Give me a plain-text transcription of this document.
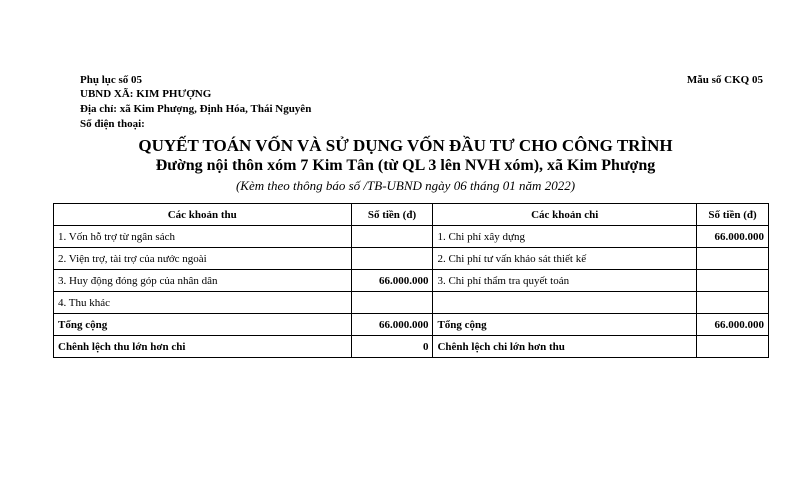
Phụ lục số 05
UBND XÃ: KIM PHƯỢNG
Địa chỉ: xã Kim Phượng, Định Hóa, Thái Nguyên
Số điện thoại:
Mẫu số CKQ 05
QUYẾT TOÁN VỐN VÀ SỬ DỤNG VỐN ĐẦU TƯ CHO CÔNG TRÌNH
Đường nội thôn xóm 7 Kim Tân (từ QL 3 lên NVH xóm), xã Kim Phượng
(Kèm theo thông báo số /TB-UBND ngày 06 tháng 01 năm 2022)
Các khoản thu	Số tiền (đ)	Các khoản chi	Số tiền (đ)
1. Vốn hỗ trợ từ ngân sách		1. Chi phí xây dựng	66.000.000
2. Viện trợ, tài trợ của nước ngoài		2. Chi phí tư vấn khảo sát thiết kế	
3. Huy động đóng góp của nhân dân	66.000.000	3. Chi phí thẩm tra quyết toán	
4. Thu khác			
Tổng cộng	66.000.000	Tổng cộng	66.000.000
Chênh lệch thu lớn hơn chi	0	Chênh lệch chi lớn hơn thu	
